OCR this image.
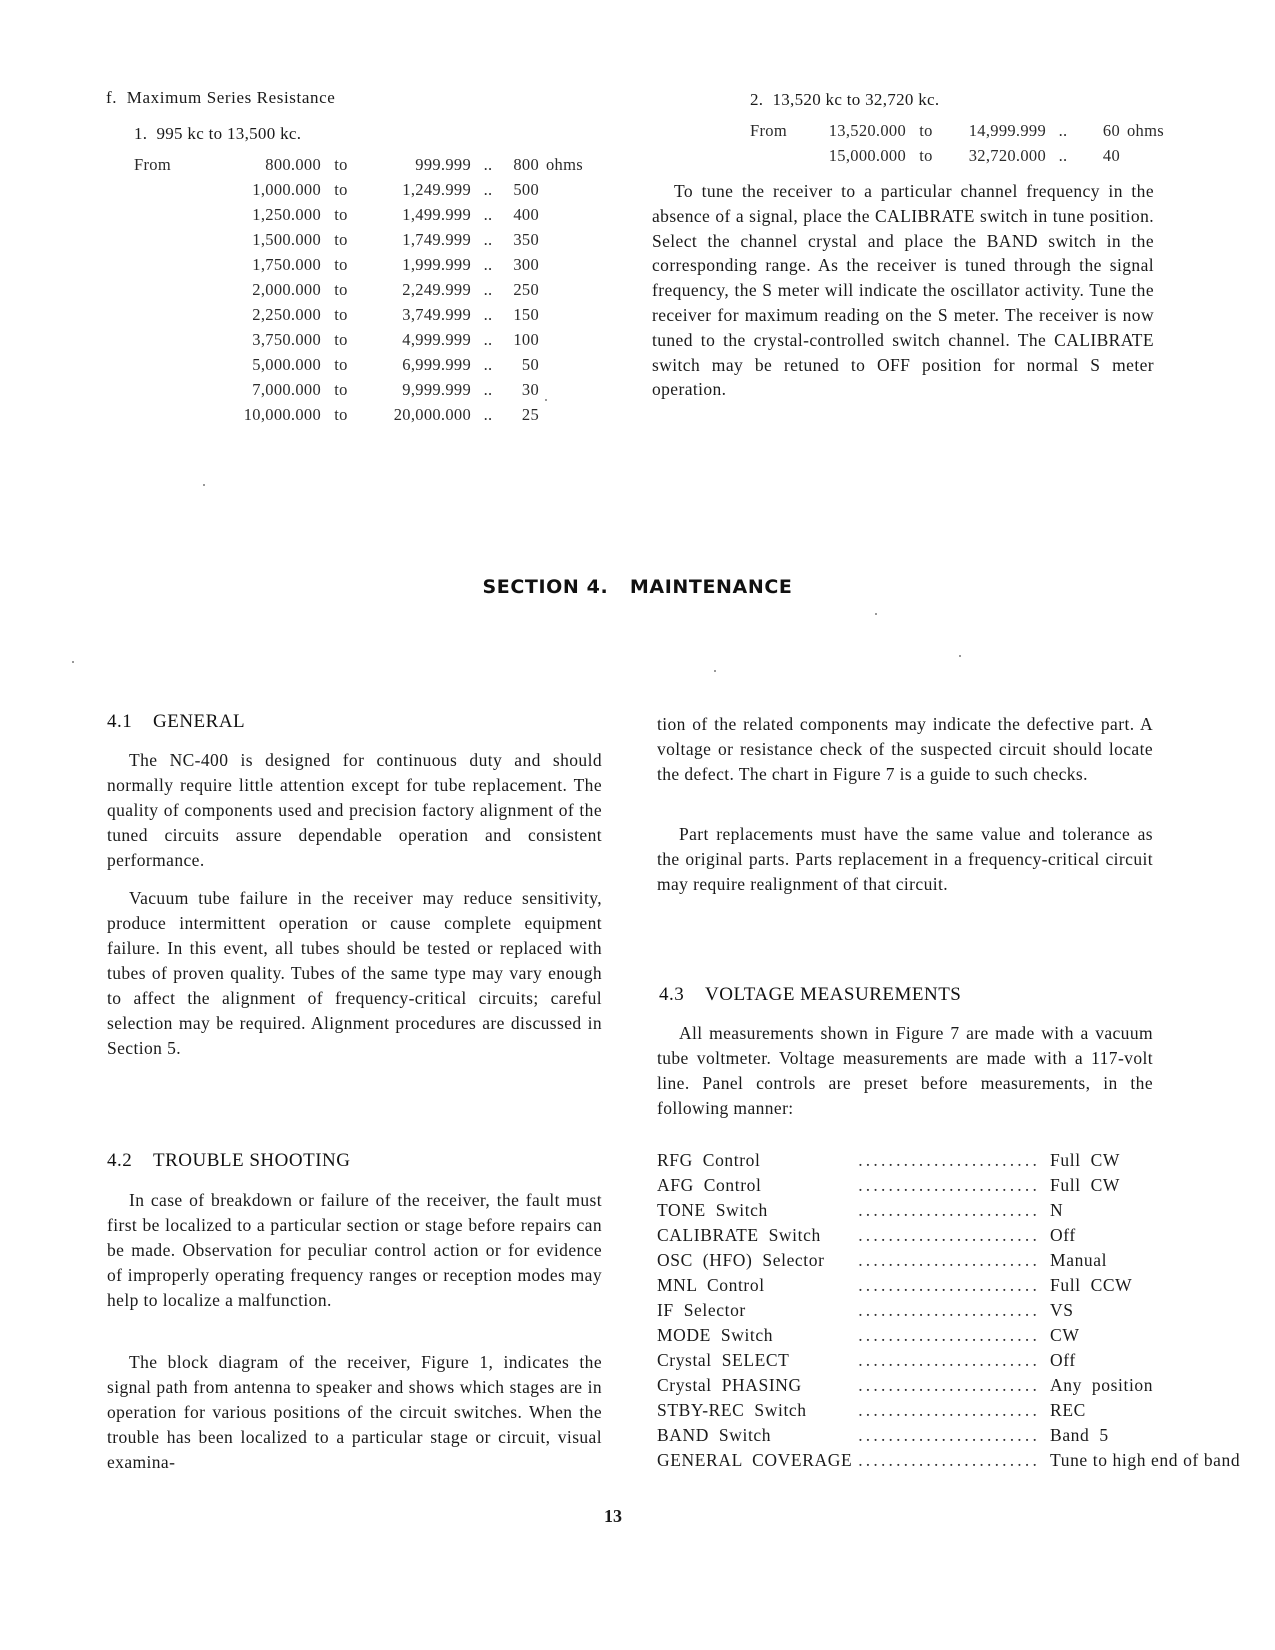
f.  Maximum Series Resistance
1.  995 kc to 13,500 kc.
From	800.000	to	999.999	..	800	ohms
	1,000.000	to	1,249.999	..	500	
	1,250.000	to	1,499.999	..	400	
	1,500.000	to	1,749.999	..	350	
	1,750.000	to	1,999.999	..	300	
	2,000.000	to	2,249.999	..	250	
	2,250.000	to	3,749.999	..	150	
	3,750.000	to	4,999.999	..	100	
	5,000.000	to	6,999.999	..	50	
	7,000.000	to	9,999.999	..	30	
	10,000.000	to	20,000.000	..	25	
2.  13,520 kc to 32,720 kc.
From	13,520.000	to	14,999.999	..	60	ohms
	15,000.000	to	32,720.000	..	40	

To tune the receiver to a particular channel frequency in the absence of a signal, place the CALIBRATE switch in tune position. Select the channel crystal and place the BAND switch in the corresponding range. As the receiver is tuned through the signal frequency, the S meter will indicate the oscillator activity. Tune the receiver for maximum reading on the S meter. The receiver is now tuned to the crystal-controlled switch channel. The CALIBRATE switch may be retuned to OFF position for normal S meter operation.

SECTION 4.   MAINTENANCE
4.1 GENERAL

The NC-400 is designed for continuous duty and should normally require little attention except for tube replacement. The quality of components used and precision factory alignment of the tuned circuits assure dependable operation and consistent performance.

Vacuum tube failure in the receiver may reduce sensitivity, produce intermittent operation or cause complete equipment failure. In this event, all tubes should be tested or replaced with tubes of proven quality. Tubes of the same type may vary enough to affect the alignment of frequency-critical circuits; careful selection may be required. Alignment procedures are discussed in Section 5.

4.2 TROUBLE SHOOTING

In case of breakdown or failure of the receiver, the fault must first be localized to a particular section or stage before repairs can be made. Observation for peculiar control action or for evidence of improperly operating frequency ranges or reception modes may help to localize a malfunction.

The block diagram of the receiver, Figure 1, indicates the signal path from antenna to speaker and shows which stages are in operation for various positions of the circuit switches. When the trouble has been localized to a particular stage or circuit, visual examina-

tion of the related components may indicate the defective part. A voltage or resistance check of the suspected circuit should locate the defect. The chart in Figure 7 is a guide to such checks.

Part replacements must have the same value and tolerance as the original parts. Parts replacement in a frequency-critical circuit may require realignment of that circuit.

4.3 VOLTAGE MEASUREMENTS

All measurements shown in Figure 7 are made with a vacuum tube voltmeter. Voltage measurements are made with a 117-volt line. Panel controls are preset before measurements, in the following manner:

RFG  Control ........................	Full  CW

AFG  Control ........................	Full  CW

TONE  Switch ........................	N

CALIBRATE  Switch ........................	Off

OSC  (HFO)  Selector ........................	Manual

MNL  Control ........................	Full  CCW

IF  Selector ........................	VS

MODE  Switch ........................	CW

Crystal  SELECT ........................	Off

Crystal  PHASING ........................	Any  position

STBY-REC  Switch ........................	REC

BAND  Switch ........................	Band  5

GENERAL  COVERAGE ........................	Tune to high end of band
13
